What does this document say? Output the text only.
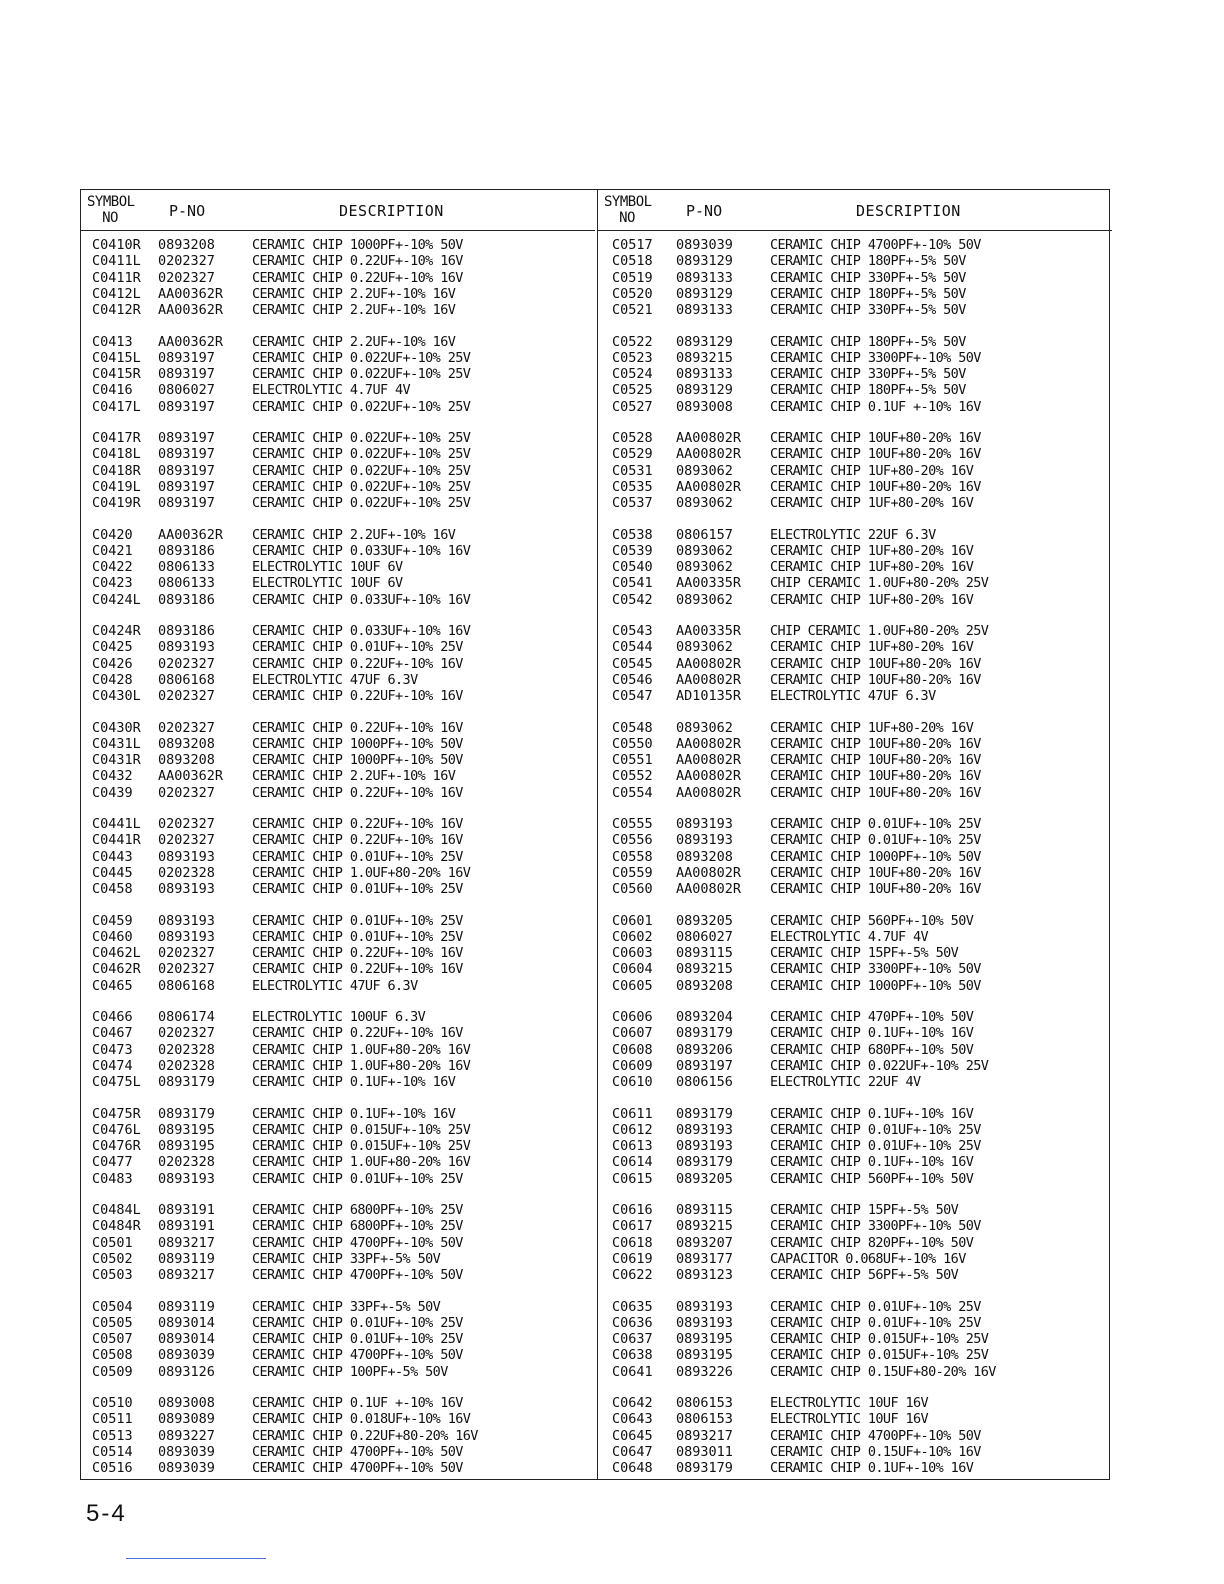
SYMBOL
NO	P-NO	DESCRIPTION
C0410R 0893208	CERAMIC CHIP 1000PF+-10% 50V
C0411L 0202327	CERAMIC CHIP 0.22UF+-10% 16V
C0411R 0202327	CERAMIC CHIP 0.22UF+-10% 16V
C0412L AA00362R CERAMIC CHIP 2.2UF+-10% 16V
C0412R AA00362R CERAMIC CHIP 2.2UF+-10% 16V
C0413 AA00362R CERAMIC CHIP 2.2UF+-10% 16V
C0415L 0893197	CERAMIC CHIP 0.022UF+-10% 25V
C0415R 0893197	CERAMIC CHIP 0.022UF+-10% 25V
C0416 0806027	ELECTROLYTIC 4.7UF 4V
C0417L 0893197	CERAMIC CHIP 0.022UF+-10% 25V
C0417R 0893197	CERAMIC CHIP 0.022UF+-10% 25V
C0418L 0893197	CERAMIC CHIP 0.022UF+-10% 25V
C0418R 0893197	CERAMIC CHIP 0.022UF+-10% 25V
C0419L 0893197	CERAMIC CHIP 0.022UF+-10% 25V
C0419R 0893197	CERAMIC CHIP 0.022UF+-10% 25V
C0420 AA00362R CERAMIC CHIP 2.2UF+-10% 16V
C0421 0893186	CERAMIC CHIP 0.033UF+-10% 16V
C0422 0806133	ELECTROLYTIC 10UF 6V
C0423 0806133	ELECTROLYTIC 10UF 6V
C0424L 0893186	CERAMIC CHIP 0.033UF+-10% 16V
C0424R 0893186	CERAMIC CHIP 0.033UF+-10% 16V
C0425 0893193	CERAMIC CHIP 0.01UF+-10% 25V
C0426 0202327	CERAMIC CHIP 0.22UF+-10% 16V
C0428 0806168	ELECTROLYTIC 47UF 6.3V
C0430L 0202327	CERAMIC CHIP 0.22UF+-10% 16V
C0430R 0202327	CERAMIC CHIP 0.22UF+-10% 16V
C0431L 0893208	CERAMIC CHIP 1000PF+-10% 50V
C0431R 0893208	CERAMIC CHIP 1000PF+-10% 50V
C0432 AA00362R CERAMIC CHIP 2.2UF+-10% 16V
C0439 0202327	CERAMIC CHIP 0.22UF+-10% 16V
C0441L 0202327	CERAMIC CHIP 0.22UF+-10% 16V
C0441R 0202327	CERAMIC CHIP 0.22UF+-10% 16V
C0443 0893193	CERAMIC CHIP 0.01UF+-10% 25V
C0445 0202328	CERAMIC CHIP 1.0UF+80-20% 16V
C0458 0893193	CERAMIC CHIP 0.01UF+-10% 25V
C0459 0893193	CERAMIC CHIP 0.01UF+-10% 25V
C0460 0893193	CERAMIC CHIP 0.01UF+-10% 25V
C0462L 0202327	CERAMIC CHIP 0.22UF+-10% 16V
C0462R 0202327	CERAMIC CHIP 0.22UF+-10% 16V
C0465 0806168	ELECTROLYTIC 47UF 6.3V
C0466 0806174	ELECTROLYTIC 100UF 6.3V
C0467 0202327	CERAMIC CHIP 0.22UF+-10% 16V
C0473 0202328	CERAMIC CHIP 1.0UF+80-20% 16V
C0474 0202328	CERAMIC CHIP 1.0UF+80-20% 16V
C0475L 0893179	CERAMIC CHIP 0.1UF+-10% 16V
C0475R 0893179	CERAMIC CHIP 0.1UF+-10% 16V
C0476L 0893195	CERAMIC CHIP 0.015UF+-10% 25V
C0476R 0893195	CERAMIC CHIP 0.015UF+-10% 25V
C0477 0202328	CERAMIC CHIP 1.0UF+80-20% 16V
C0483 0893193	CERAMIC CHIP 0.01UF+-10% 25V
C0484L 0893191	CERAMIC CHIP 6800PF+-10% 25V
C0484R 0893191	CERAMIC CHIP 6800PF+-10% 25V
C0501 0893217	CERAMIC CHIP 4700PF+-10% 50V
C0502 0893119	CERAMIC CHIP 33PF+-5% 50V
C0503 0893217	CERAMIC CHIP 4700PF+-10% 50V
C0504 0893119	CERAMIC CHIP 33PF+-5% 50V
C0505 0893014	CERAMIC CHIP 0.01UF+-10% 25V
C0507 0893014	CERAMIC CHIP 0.01UF+-10% 25V
C0508 0893039	CERAMIC CHIP 4700PF+-10% 50V
C0509 0893126	CERAMIC CHIP 100PF+-5% 50V
C0510 0893008	CERAMIC CHIP 0.1UF +-10% 16V
C0511 0893089	CERAMIC CHIP 0.018UF+-10% 16V
C0513 0893227	CERAMIC CHIP 0.22UF+80-20% 16V
C0514 0893039	CERAMIC CHIP 4700PF+-10% 50V
C0516 0893039	CERAMIC CHIP 4700PF+-10% 50V
SYMBOL
NO	P-NO	DESCRIPTION
C0517 0893039	CERAMIC CHIP 4700PF+-10% 50V
C0518 0893129	CERAMIC CHIP 180PF+-5% 50V
C0519 0893133	CERAMIC CHIP 330PF+-5% 50V
C0520 0893129	CERAMIC CHIP 180PF+-5% 50V
C0521 0893133	CERAMIC CHIP 330PF+-5% 50V
C0522 0893129	CERAMIC CHIP 180PF+-5% 50V
C0523 0893215	CERAMIC CHIP 3300PF+-10% 50V
C0524 0893133	CERAMIC CHIP 330PF+-5% 50V
C0525 0893129	CERAMIC CHIP 180PF+-5% 50V
C0527 0893008	CERAMIC CHIP 0.1UF +-10% 16V
C0528 AA00802R CERAMIC CHIP 10UF+80-20% 16V
C0529 AA00802R CERAMIC CHIP 10UF+80-20% 16V
C0531 0893062	CERAMIC CHIP 1UF+80-20% 16V
C0535 AA00802R CERAMIC CHIP 10UF+80-20% 16V
C0537 0893062	CERAMIC CHIP 1UF+80-20% 16V
C0538 0806157	ELECTROLYTIC 22UF 6.3V
C0539 0893062	CERAMIC CHIP 1UF+80-20% 16V
C0540 0893062	CERAMIC CHIP 1UF+80-20% 16V
C0541 AA00335R CHIP CERAMIC 1.0UF+80-20% 25V
C0542 0893062	CERAMIC CHIP 1UF+80-20% 16V
C0543 AA00335R CHIP CERAMIC 1.0UF+80-20% 25V
C0544 0893062	CERAMIC CHIP 1UF+80-20% 16V
C0545 AA00802R CERAMIC CHIP 10UF+80-20% 16V
C0546 AA00802R CERAMIC CHIP 10UF+80-20% 16V
C0547 AD10135R ELECTROLYTIC 47UF 6.3V
C0548 0893062	CERAMIC CHIP 1UF+80-20% 16V
C0550 AA00802R CERAMIC CHIP 10UF+80-20% 16V
C0551 AA00802R CERAMIC CHIP 10UF+80-20% 16V
C0552 AA00802R CERAMIC CHIP 10UF+80-20% 16V
C0554 AA00802R CERAMIC CHIP 10UF+80-20% 16V
C0555 0893193	CERAMIC CHIP 0.01UF+-10% 25V
C0556 0893193	CERAMIC CHIP 0.01UF+-10% 25V
C0558 0893208	CERAMIC CHIP 1000PF+-10% 50V
C0559 AA00802R CERAMIC CHIP 10UF+80-20% 16V
C0560 AA00802R CERAMIC CHIP 10UF+80-20% 16V
C0601 0893205	CERAMIC CHIP 560PF+-10% 50V
C0602 0806027	ELECTROLYTIC 4.7UF 4V
C0603 0893115	CERAMIC CHIP 15PF+-5% 50V
C0604 0893215	CERAMIC CHIP 3300PF+-10% 50V
C0605 0893208	CERAMIC CHIP 1000PF+-10% 50V
C0606 0893204	CERAMIC CHIP 470PF+-10% 50V
C0607 0893179	CERAMIC CHIP 0.1UF+-10% 16V
C0608 0893206	CERAMIC CHIP 680PF+-10% 50V
C0609 0893197	CERAMIC CHIP 0.022UF+-10% 25V
C0610 0806156	ELECTROLYTIC 22UF 4V
C0611 0893179	CERAMIC CHIP 0.1UF+-10% 16V
C0612 0893193	CERAMIC CHIP 0.01UF+-10% 25V
C0613 0893193	CERAMIC CHIP 0.01UF+-10% 25V
C0614 0893179	CERAMIC CHIP 0.1UF+-10% 16V
C0615 0893205	CERAMIC CHIP 560PF+-10% 50V
C0616 0893115	CERAMIC CHIP 15PF+-5% 50V
C0617 0893215	CERAMIC CHIP 3300PF+-10% 50V
C0618 0893207	CERAMIC CHIP 820PF+-10% 50V
C0619 0893177	CAPACITOR 0.068UF+-10% 16V
C0622 0893123	CERAMIC CHIP 56PF+-5% 50V
C0635 0893193	CERAMIC CHIP 0.01UF+-10% 25V
C0636 0893193	CERAMIC CHIP 0.01UF+-10% 25V
C0637 0893195	CERAMIC CHIP 0.015UF+-10% 25V
C0638 0893195	CERAMIC CHIP 0.015UF+-10% 25V
C0641 0893226	CERAMIC CHIP 0.15UF+80-20% 16V
C0642 0806153	ELECTROLYTIC 10UF 16V
C0643 0806153	ELECTROLYTIC 10UF 16V
C0645 0893217	CERAMIC CHIP 4700PF+-10% 50V
C0647 0893011	CERAMIC CHIP 0.15UF+-10% 16V
C0648 0893179	CERAMIC CHIP 0.1UF+-10% 16V
5-4
